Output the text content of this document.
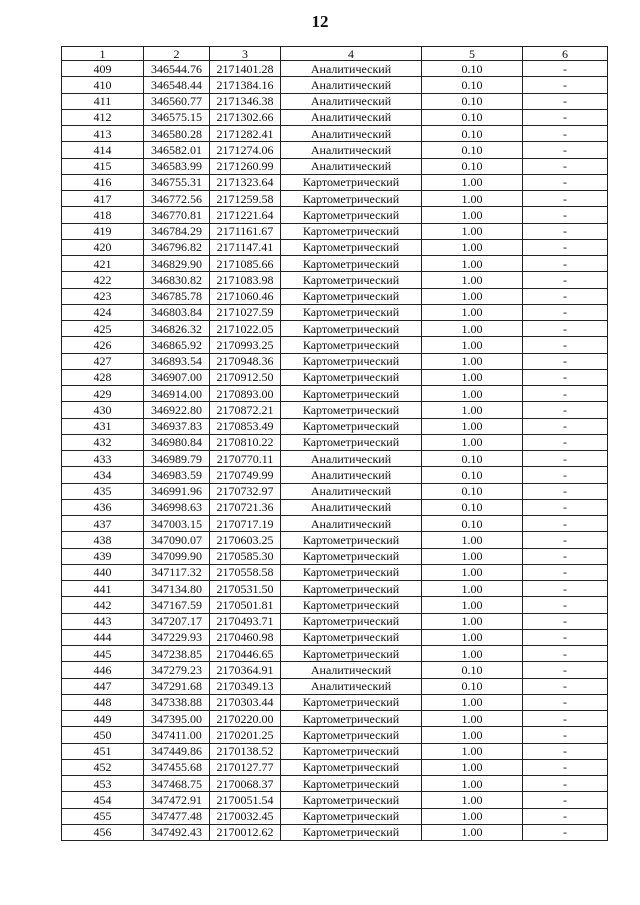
12
1	2	3	4	5	6
409	346544.76	2171401.28	Аналитический	0.10	-
410	346548.44	2171384.16	Аналитический	0.10	-
411	346560.77	2171346.38	Аналитический	0.10	-
412	346575.15	2171302.66	Аналитический	0.10	-
413	346580.28	2171282.41	Аналитический	0.10	-
414	346582.01	2171274.06	Аналитический	0.10	-
415	346583.99	2171260.99	Аналитический	0.10	-
416	346755.31	2171323.64	Картометрический	1.00	-
417	346772.56	2171259.58	Картометрический	1.00	-
418	346770.81	2171221.64	Картометрический	1.00	-
419	346784.29	2171161.67	Картометрический	1.00	-
420	346796.82	2171147.41	Картометрический	1.00	-
421	346829.90	2171085.66	Картометрический	1.00	-
422	346830.82	2171083.98	Картометрический	1.00	-
423	346785.78	2171060.46	Картометрический	1.00	-
424	346803.84	2171027.59	Картометрический	1.00	-
425	346826.32	2171022.05	Картометрический	1.00	-
426	346865.92	2170993.25	Картометрический	1.00	-
427	346893.54	2170948.36	Картометрический	1.00	-
428	346907.00	2170912.50	Картометрический	1.00	-
429	346914.00	2170893.00	Картометрический	1.00	-
430	346922.80	2170872.21	Картометрический	1.00	-
431	346937.83	2170853.49	Картометрический	1.00	-
432	346980.84	2170810.22	Картометрический	1.00	-
433	346989.79	2170770.11	Аналитический	0.10	-
434	346983.59	2170749.99	Аналитический	0.10	-
435	346991.96	2170732.97	Аналитический	0.10	-
436	346998.63	2170721.36	Аналитический	0.10	-
437	347003.15	2170717.19	Аналитический	0.10	-
438	347090.07	2170603.25	Картометрический	1.00	-
439	347099.90	2170585.30	Картометрический	1.00	-
440	347117.32	2170558.58	Картометрический	1.00	-
441	347134.80	2170531.50	Картометрический	1.00	-
442	347167.59	2170501.81	Картометрический	1.00	-
443	347207.17	2170493.71	Картометрический	1.00	-
444	347229.93	2170460.98	Картометрический	1.00	-
445	347238.85	2170446.65	Картометрический	1.00	-
446	347279.23	2170364.91	Аналитический	0.10	-
447	347291.68	2170349.13	Аналитический	0.10	-
448	347338.88	2170303.44	Картометрический	1.00	-
449	347395.00	2170220.00	Картометрический	1.00	-
450	347411.00	2170201.25	Картометрический	1.00	-
451	347449.86	2170138.52	Картометрический	1.00	-
452	347455.68	2170127.77	Картометрический	1.00	-
453	347468.75	2170068.37	Картометрический	1.00	-
454	347472.91	2170051.54	Картометрический	1.00	-
455	347477.48	2170032.45	Картометрический	1.00	-
456	347492.43	2170012.62	Картометрический	1.00	-
